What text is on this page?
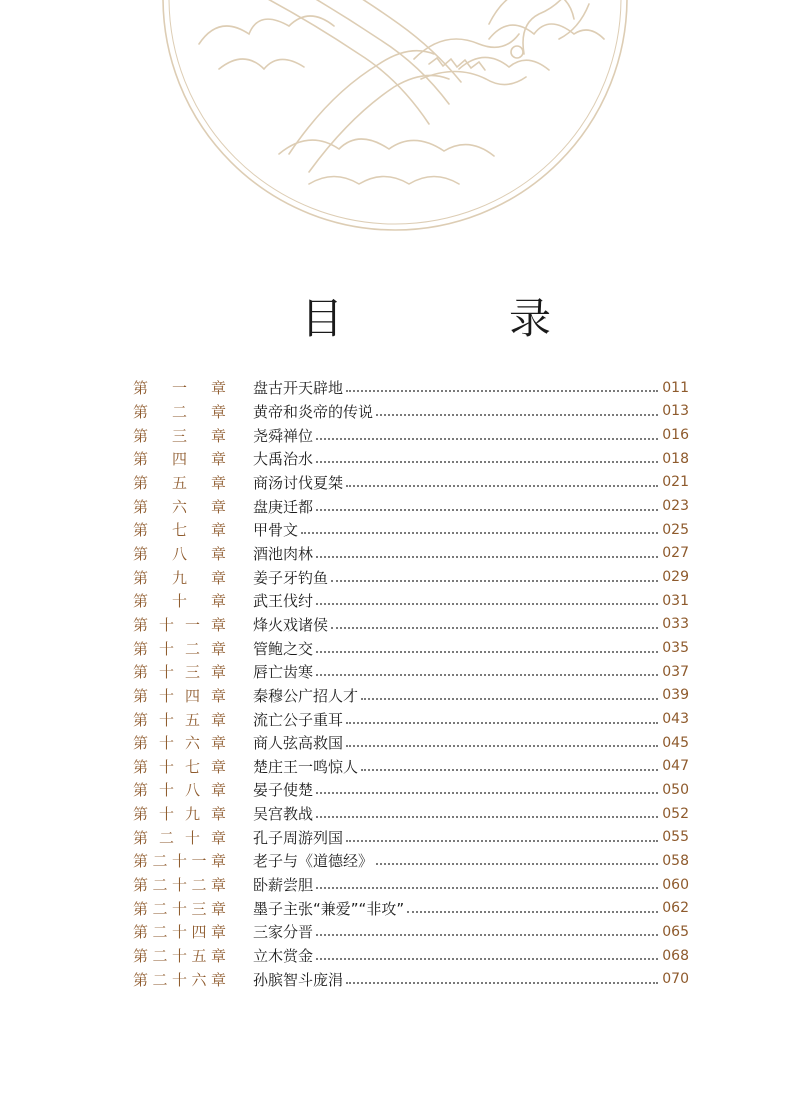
目　录
第 一 章 盘古开天辟地	011
第 二 章 黄帝和炎帝的传说	013
第 三 章 尧舜禅位	016
第 四 章 大禹治水	018
第 五 章 商汤讨伐夏桀	021
第 六 章 盘庚迁都	023
第 七 章 甲骨文	025
第 八 章 酒池肉林	027
第 九 章 姜子牙钓鱼	029
第 十 章 武王伐纣	031
第 十 一 章 烽火戏诸侯	033
第 十 二 章 管鲍之交	035
第 十 三 章 唇亡齿寒	037
第 十 四 章 秦穆公广招人才	039
第 十 五 章 流亡公子重耳	043
第 十 六 章 商人弦高救国	045
第 十 七 章 楚庄王一鸣惊人	047
第 十 八 章 晏子使楚	050
第 十 九 章 吴宫教战	052
第 二 十 章 孔子周游列国	055
第 二 十 一 章 老子与《道德经》	058
第 二 十 二 章 卧薪尝胆	060
第 二 十 三 章 墨子主张“兼爱”“非攻”	062
第 二 十 四 章 三家分晋	065
第 二 十 五 章 立木赏金	068
第 二 十 六 章 孙膑智斗庞涓	070
